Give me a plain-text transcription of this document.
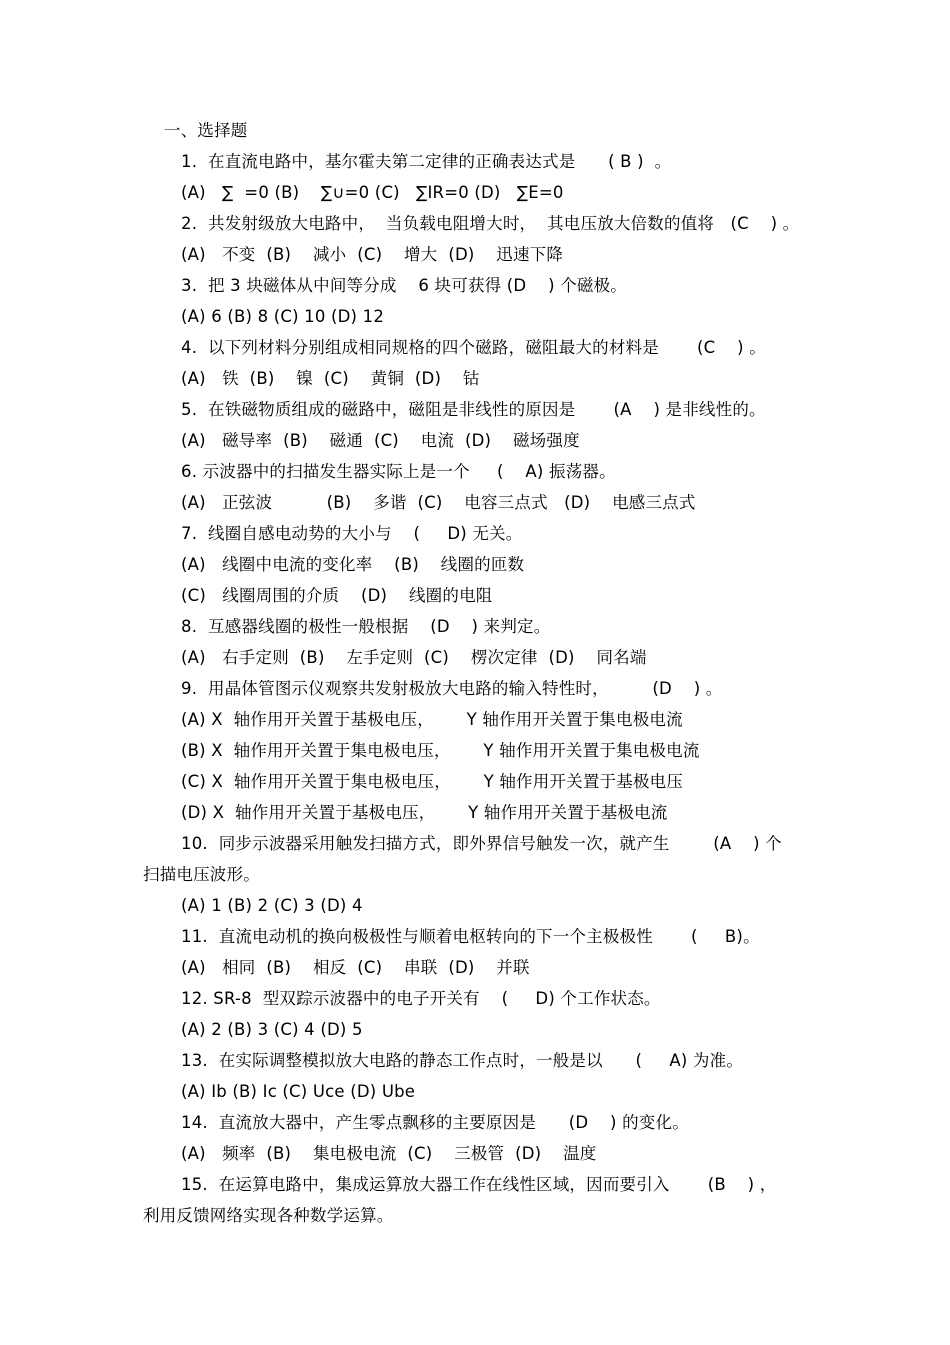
一、选择题
1.  在直流电路中，基尔霍夫第二定律的正确表达式是      ( B )  。
(A)   ∑  =0 (B)    ∑∪=0 (C)   ∑IR=0 (D)   ∑E=0
2.  共发射级放大电路中，  当负载电阻增大时，  其电压放大倍数的值将   (C    ) 。
(A)   不变  (B)    减小  (C)    增大  (D)    迅速下降
3.  把 3 块磁体从中间等分成    6 块可获得 (D    ) 个磁极。
(A) 6 (B) 8 (C) 10 (D) 12
4.  以下列材料分别组成相同规格的四个磁路，磁阻最大的材料是       (C    ) 。
(A)   铁  (B)    镍  (C)    黄铜  (D)    钴
5.  在铁磁物质组成的磁路中，磁阻是非线性的原因是       (A    ) 是非线性的。
(A)   磁导率  (B)    磁通  (C)    电流  (D)    磁场强度
6. 示波器中的扫描发生器实际上是一个     (    A) 振荡器。
(A)   正弦波          (B)    多谐  (C)    电容三点式   (D)    电感三点式
7.  线圈自感电动势的大小与    (     D) 无关。
(A)   线圈中电流的变化率    (B)    线圈的匝数
(C)   线圈周围的介质    (D)    线圈的电阻
8.  互感器线圈的极性一般根据    (D    ) 来判定。
(A)   右手定则  (B)    左手定则  (C)    楞次定律  (D)    同名端
9.  用晶体管图示仪观察共发射极放大电路的输入特性时，        (D    ) 。
(A) X  轴作用开关置于基极电压，      Y 轴作用开关置于集电极电流
(B) X  轴作用开关置于集电极电压，      Y 轴作用开关置于集电极电流
(C) X  轴作用开关置于集电极电压，      Y 轴作用开关置于基极电压
(D) X  轴作用开关置于基极电压，      Y 轴作用开关置于基极电流
10.  同步示波器采用触发扫描方式，即外界信号触发一次，就产生        (A    ) 个
扫描电压波形。
(A) 1 (B) 2 (C) 3 (D) 4
11.  直流电动机的换向极极性与顺着电枢转向的下一个主极极性       (     B)。
(A)   相同  (B)    相反  (C)    串联  (D)    并联
12. SR-8  型双踪示波器中的电子开关有    (     D) 个工作状态。
(A) 2 (B) 3 (C) 4 (D) 5
13.  在实际调整模拟放大电路的静态工作点时，一般是以      (     A) 为准。
(A) Ib (B) Ic (C) Uce (D) Ube
14.  直流放大器中，产生零点飘移的主要原因是      (D    ) 的变化。
(A)   频率  (B)    集电极电流  (C)    三极管  (D)    温度
15.  在运算电路中，集成运算放大器工作在线性区域，因而要引入       (B    ) ，
利用反馈网络实现各种数学运算。
